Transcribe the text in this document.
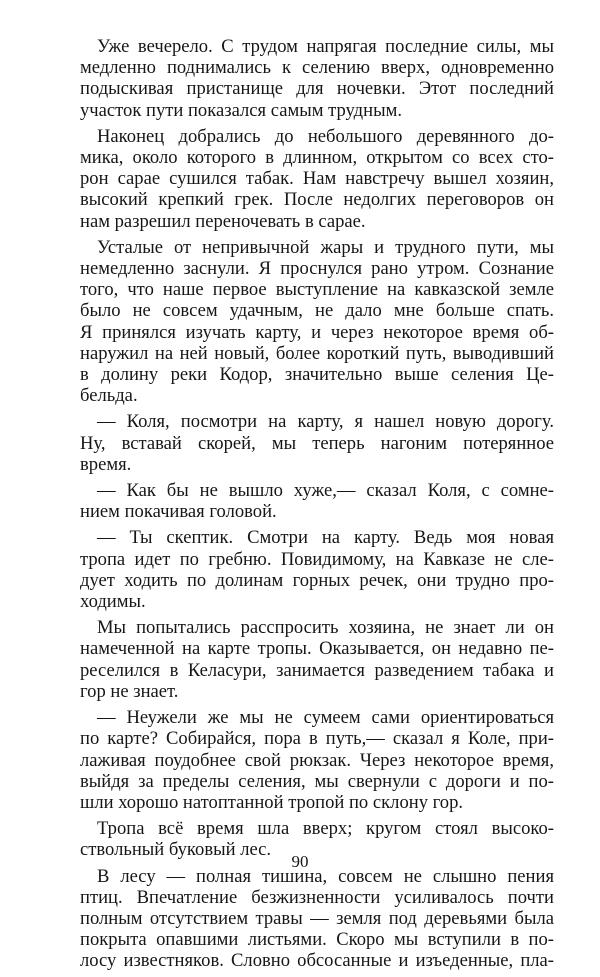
Уже вечерело. С трудом напрягая последние силы, мы
медленно поднимались к селению вверх, одновременно
подыскивая пристанище для ночевки. Этот последний
участок пути показался самым трудным.
Наконец добрались до небольшого деревянного до-
мика, около которого в длинном, открытом со всех сто-
рон сарае сушился табак. Нам навстречу вышел хозяин,
высокий крепкий грек. После недолгих переговоров он
нам разрешил переночевать в сарае.
Усталые от непривычной жары и трудного пути, мы
немедленно заснули. Я проснулся рано утром. Сознание
того, что наше первое выступление на кавказской земле
было не совсем удачным, не дало мне больше спать.
Я принялся изучать карту, и через некоторое время об-
наружил на ней новый, более короткий путь, выводивший
в долину реки Кодор, значительно выше селения Це-
бельда.
— Коля, посмотри на карту, я нашел новую дорогу.
Ну, вставай скорей, мы теперь нагоним потерянное
время.
— Как бы не вышло хуже,— сказал Коля, с сомне-
нием покачивая головой.
— Ты скептик. Смотри на карту. Ведь моя новая
тропа идет по гребню. Повидимому, на Кавказе не сле-
дует ходить по долинам горных речек, они трудно про-
ходимы.
Мы попытались расспросить хозяина, не знает ли он
намеченной на карте тропы. Оказывается, он недавно пе-
реселился в Келасури, занимается разведением табака и
гор не знает.
— Неужели же мы не сумеем сами ориентироваться
по карте? Собирайся, пора в путь,— сказал я Коле, при-
лаживая поудобнее свой рюкзак. Через некоторое время,
выйдя за пределы селения, мы свернули с дороги и по-
шли хорошо натоптанной тропой по склону гор.
Тропа всё время шла вверх; кругом стоял высоко-
ствольный буковый лес.
В лесу — полная тишина, совсем не слышно пения
птиц. Впечатление безжизненности усиливалось почти
полным отсутствием травы — земля под деревьями была
покрыта опавшими листьями. Скоро мы вступили в по-
лосу известняков. Словно обсосанные и изъеденные, пла-
90
